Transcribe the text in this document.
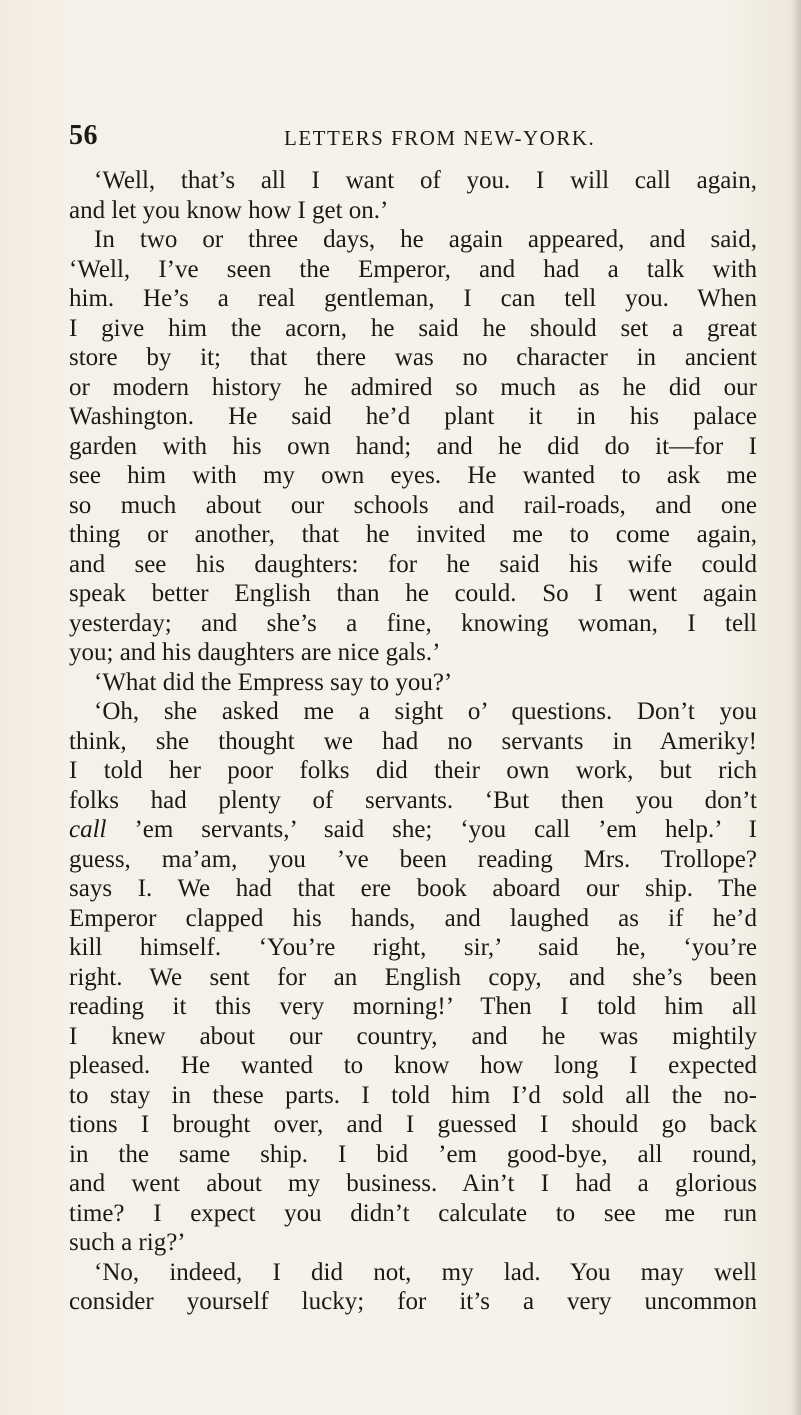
56	LETTERS FROM NEW-YORK.
‘Well, that’s all I want of you. I will call again,
and let you know how I get on.’
In two or three days, he again appeared, and said,
‘Well, I’ve seen the Emperor, and had a talk with
him. He’s a real gentleman, I can tell you. When
I give him the acorn, he said he should set a great
store by it; that there was no character in ancient
or modern history he admired so much as he did our
Washington. He said he’d plant it in his palace
garden with his own hand; and he did do it—for I
see him with my own eyes. He wanted to ask me
so much about our schools and rail-roads, and one
thing or another, that he invited me to come again,
and see his daughters: for he said his wife could
speak better English than he could. So I went again
yesterday; and she’s a fine, knowing woman, I tell
you; and his daughters are nice gals.’
‘What did the Empress say to you?’
‘Oh, she asked me a sight o’ questions. Don’t you
think, she thought we had no servants in Ameriky!
I told her poor folks did their own work, but rich
folks had plenty of servants. ‘But then you don’t
call ’em servants,’ said she; ‘you call ’em help.’ I
guess, ma’am, you ’ve been reading Mrs. Trollope?
says I. We had that ere book aboard our ship. The
Emperor clapped his hands, and laughed as if he’d
kill himself. ‘You’re right, sir,’ said he, ‘you’re
right. We sent for an English copy, and she’s been
reading it this very morning!’ Then I told him all
I knew about our country, and he was mightily
pleased. He wanted to know how long I expected
to stay in these parts. I told him I’d sold all the no-
tions I brought over, and I guessed I should go back
in the same ship. I bid ’em good-bye, all round,
and went about my business. Ain’t I had a glorious
time? I expect you didn’t calculate to see me run
such a rig?’
‘No, indeed, I did not, my lad. You may well
consider yourself lucky; for it’s a very uncommon
